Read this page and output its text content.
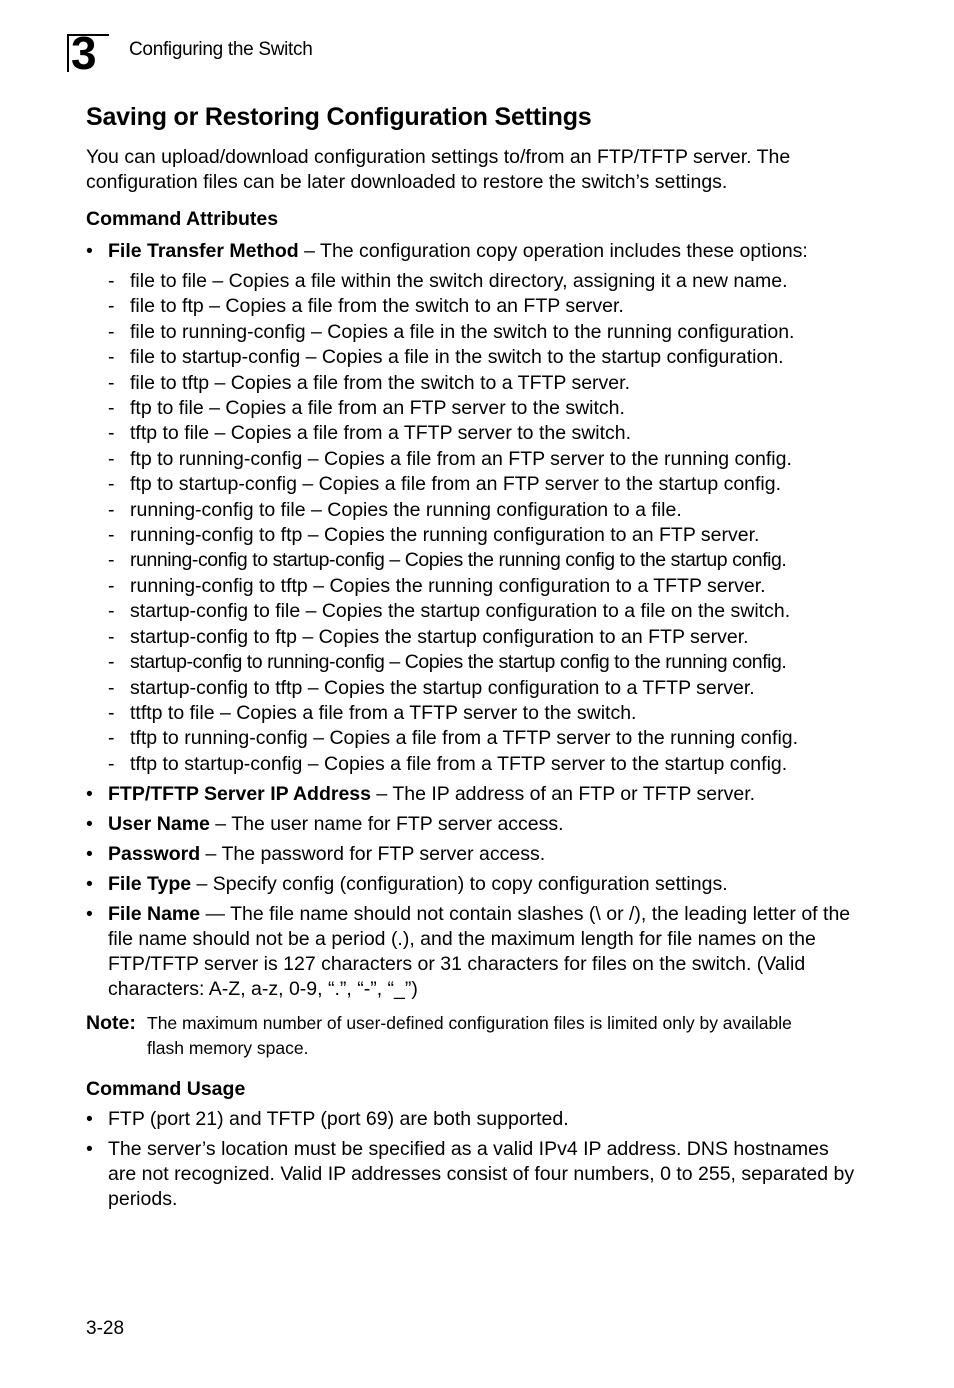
3 Configuring the Switch
Saving or Restoring Configuration Settings

You can upload/download configuration settings to/from an FTP/TFTP server. The configuration files can be later downloaded to restore the switch’s settings.

Command Attributes
• File Transfer Method – The configuration copy operation includes these options:
- file to file – Copies a file within the switch directory, assigning it a new name.
- file to ftp – Copies a file from the switch to an FTP server.
- file to running-config – Copies a file in the switch to the running configuration.
- file to startup-config – Copies a file in the switch to the startup configuration.
- file to tftp – Copies a file from the switch to a TFTP server.
- ftp to file – Copies a file from an FTP server to the switch.
- tftp to file – Copies a file from a TFTP server to the switch.
- ftp to running-config – Copies a file from an FTP server to the running config.
- ftp to startup-config – Copies a file from an FTP server to the startup config.
- running-config to file – Copies the running configuration to a file.
- running-config to ftp – Copies the running configuration to an FTP server.
- running-config to startup-config – Copies the running config to the startup config.
- running-config to tftp – Copies the running configuration to a TFTP server.
- startup-config to file – Copies the startup configuration to a file on the switch.
- startup-config to ftp – Copies the startup configuration to an FTP server.
- startup-config to running-config – Copies the startup config to the running config.
- startup-config to tftp – Copies the startup configuration to a TFTP server.
- ttftp to file – Copies a file from a TFTP server to the switch.
- tftp to running-config – Copies a file from a TFTP server to the running config.
- tftp to startup-config – Copies a file from a TFTP server to the startup config.
• FTP/TFTP Server IP Address – The IP address of an FTP or TFTP server.
• User Name – The user name for FTP server access.
• Password – The password for FTP server access.
• File Type – Specify config (configuration) to copy configuration settings.
• File Name — The file name should not contain slashes (\ or /), the leading letter of the file name should not be a period (.), and the maximum length for file names on the FTP/TFTP server is 127 characters or 31 characters for files on the switch. (Valid characters: A-Z, a-z, 0-9, “.”, “-”, “_”)
Note: The maximum number of user-defined configuration files is limited only by available flash memory space.
Command Usage
• FTP (port 21) and TFTP (port 69) are both supported.
• The server’s location must be specified as a valid IPv4 IP address. DNS hostnames are not recognized. Valid IP addresses consist of four numbers, 0 to 255, separated by periods.
3-28
